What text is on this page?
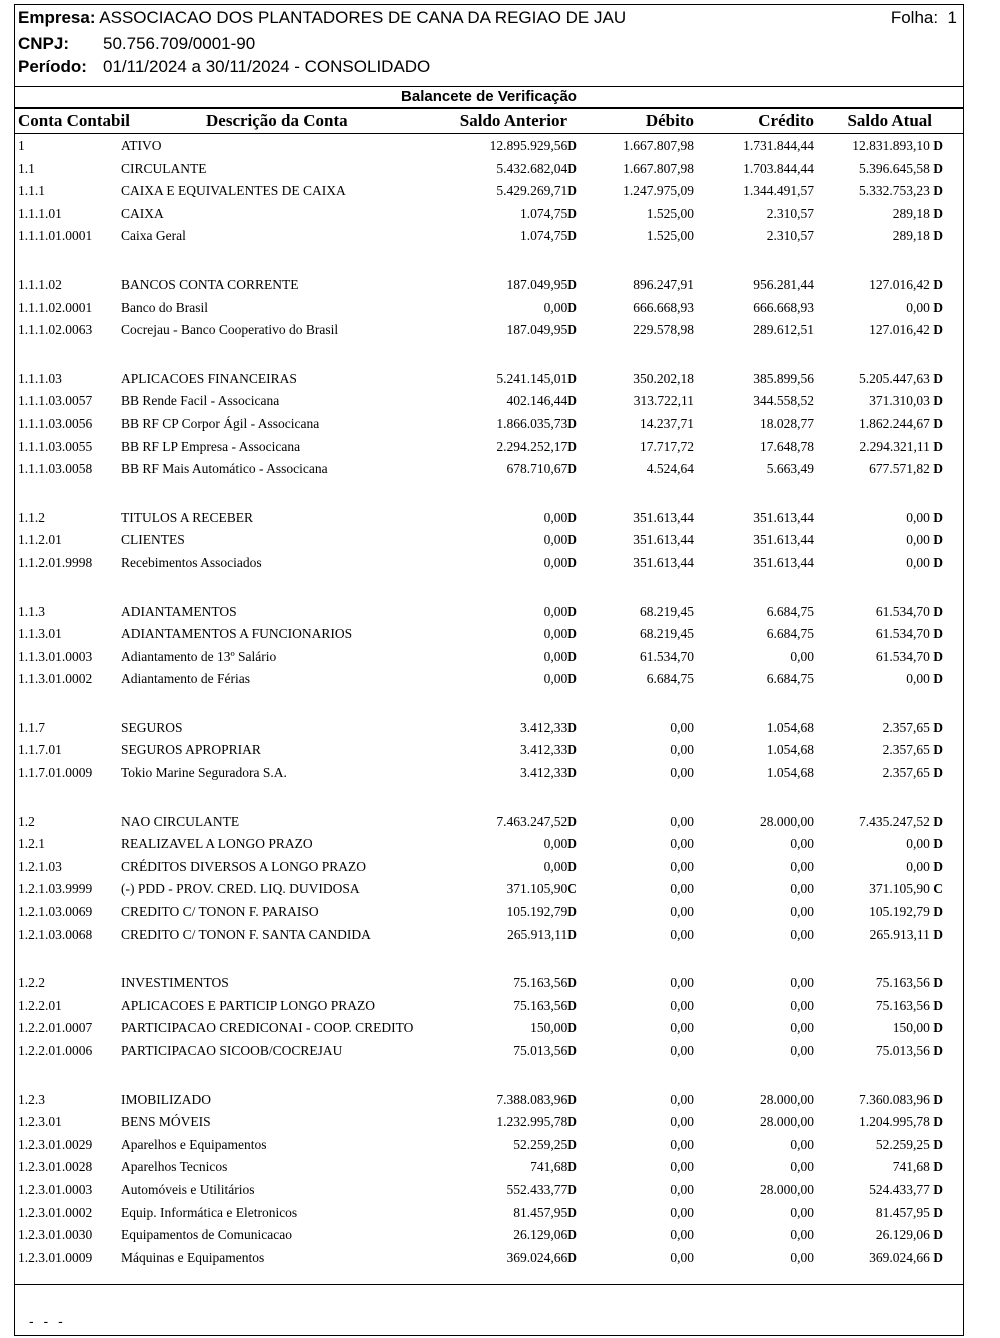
Empresa: ASSOCIACAO DOS PLANTADORES DE CANA DA REGIAO DE JAU	Folha: 1
CNPJ: 50.756.709/0001-90
Período: 01/11/2024 a 30/11/2024 - CONSOLIDADO
Balancete de Verificação
Conta Contabil	Descrição da Conta	Saldo Anterior	Débito	Crédito Saldo Atual
1	ATIVO	12.895.929,56D	1.667.807,98	1.731.844,44	12.831.893,10 D
1.1	CIRCULANTE	5.432.682,04D	1.667.807,98	1.703.844,44	5.396.645,58 D
1.1.1	CAIXA E EQUIVALENTES DE CAIXA	5.429.269,71D	1.247.975,09	1.344.491,57	5.332.753,23 D
1.1.1.01	CAIXA	1.074,75D	1.525,00	2.310,57	289,18 D
1.1.1.01.0001 Caixa Geral	1.074,75D	1.525,00	2.310,57	289,18 D
1.1.1.02	BANCOS CONTA CORRENTE	187.049,95D	896.247,91	956.281,44	127.016,42 D
1.1.1.02.0001 Banco do Brasil	0,00D	666.668,93	666.668,93	0,00 D
1.1.1.02.0063 Cocrejau - Banco Cooperativo do Brasil	187.049,95D	229.578,98	289.612,51	127.016,42 D
1.1.1.03	APLICACOES FINANCEIRAS	5.241.145,01D	350.202,18	385.899,56	5.205.447,63 D
1.1.1.03.0057 BB Rende Facil - Associcana	402.146,44D	313.722,11	344.558,52	371.310,03 D
1.1.1.03.0056 BB RF CP Corpor Ágil - Associcana	1.866.035,73D	14.237,71	18.028,77	1.862.244,67 D
1.1.1.03.0055 BB RF LP Empresa - Associcana	2.294.252,17D	17.717,72	17.648,78	2.294.321,11 D
1.1.1.03.0058 BB RF Mais Automático - Associcana	678.710,67D	4.524,64	5.663,49	677.571,82 D
1.1.2	TITULOS A RECEBER	0,00D	351.613,44	351.613,44	0,00 D
1.1.2.01	CLIENTES	0,00D	351.613,44	351.613,44	0,00 D
1.1.2.01.9998 Recebimentos Associados	0,00D	351.613,44	351.613,44	0,00 D
1.1.3	ADIANTAMENTOS	0,00D	68.219,45	6.684,75	61.534,70 D
1.1.3.01	ADIANTAMENTOS A FUNCIONARIOS	0,00D	68.219,45	6.684,75	61.534,70 D
1.1.3.01.0003 Adiantamento de 13º Salário	0,00D	61.534,70	0,00	61.534,70 D
1.1.3.01.0002 Adiantamento de Férias	0,00D	6.684,75	6.684,75	0,00 D
1.1.7	SEGUROS	3.412,33D	0,00	1.054,68	2.357,65 D
1.1.7.01	SEGUROS APROPRIAR	3.412,33D	0,00	1.054,68	2.357,65 D
1.1.7.01.0009 Tokio Marine Seguradora S.A.	3.412,33D	0,00	1.054,68	2.357,65 D
1.2	NAO CIRCULANTE	7.463.247,52D	0,00	28.000,00	7.435.247,52 D
1.2.1	REALIZAVEL A LONGO PRAZO	0,00D	0,00	0,00	0,00 D
1.2.1.03	CRÉDITOS DIVERSOS A LONGO PRAZO	0,00D	0,00	0,00	0,00 D
1.2.1.03.9999 (-) PDD - PROV. CRED. LIQ. DUVIDOSA	371.105,90C	0,00	0,00	371.105,90 C
1.2.1.03.0069 CREDITO C/ TONON F. PARAISO	105.192,79D	0,00	0,00	105.192,79 D
1.2.1.03.0068 CREDITO C/ TONON F. SANTA CANDIDA	265.913,11D	0,00	0,00	265.913,11 D
1.2.2	INVESTIMENTOS	75.163,56D	0,00	0,00	75.163,56 D
1.2.2.01	APLICACOES E PARTICIP LONGO PRAZO	75.163,56D	0,00	0,00	75.163,56 D
1.2.2.01.0007 PARTICIPACAO CREDICONAI - COOP. CREDITO	150,00D	0,00	0,00	150,00 D
1.2.2.01.0006 PARTICIPACAO SICOOB/COCREJAU	75.013,56D	0,00	0,00	75.013,56 D
1.2.3	IMOBILIZADO	7.388.083,96D	0,00	28.000,00	7.360.083,96 D
1.2.3.01	BENS MÓVEIS	1.232.995,78D	0,00	28.000,00	1.204.995,78 D
1.2.3.01.0029 Aparelhos e Equipamentos	52.259,25D	0,00	0,00	52.259,25 D
1.2.3.01.0028 Aparelhos Tecnicos	741,68D	0,00	0,00	741,68 D
1.2.3.01.0003 Automóveis e Utilitários	552.433,77D	0,00	28.000,00	524.433,77 D
1.2.3.01.0002 Equip. Informática e Eletronicos	81.457,95D	0,00	0,00	81.457,95 D
1.2.3.01.0030 Equipamentos de Comunicacao	26.129,06D	0,00	0,00	26.129,06 D
1.2.3.01.0009 Máquinas e Equipamentos	369.024,66D	0,00	0,00	369.024,66 D
- - -
